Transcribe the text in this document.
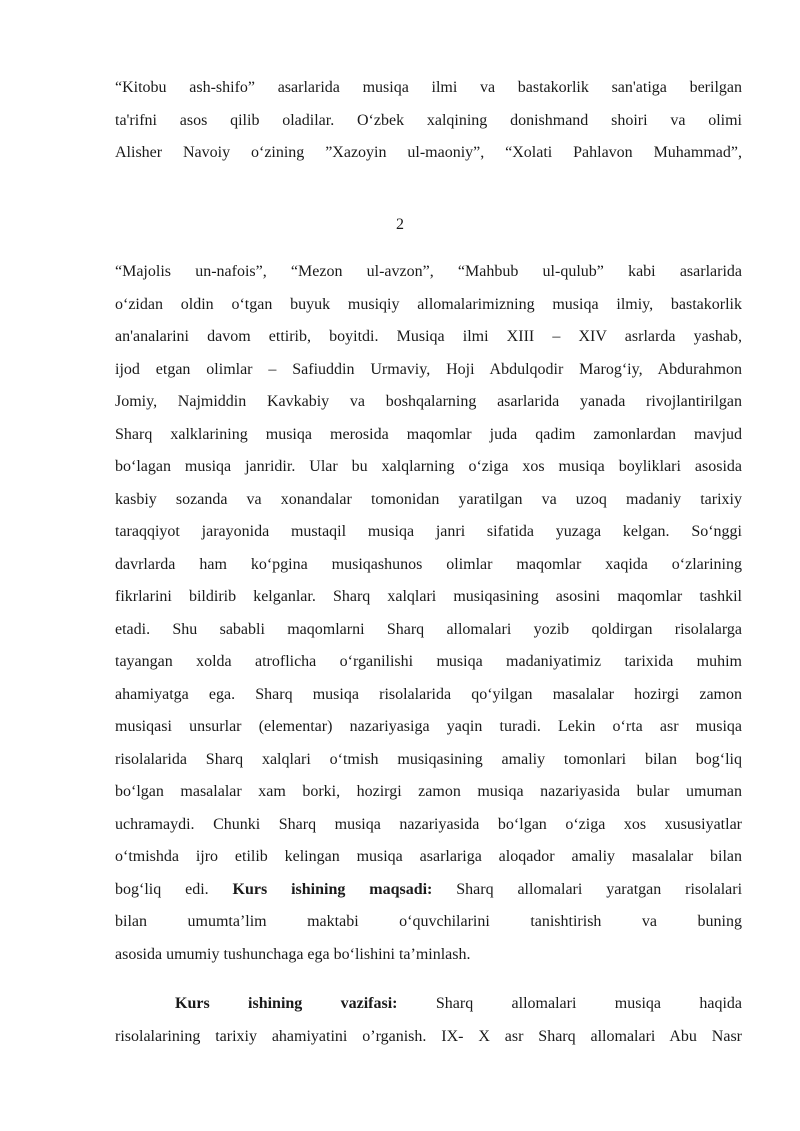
“Kitobu ash-shifo” asarlarida musiqa ilmi va bastakorlik san'atiga berilgan

ta'rifni asos qilib oladilar. O‘zbek xalqining donishmand shoiri va olimi

Alisher Navoiy o‘zining ”Xazoyin ul-maoniy”, “Xolati Pahlavon Muhammad”,

2

“Majolis un-nafois”, “Mezon ul-avzon”, “Mahbub ul-qulub” kabi asarlarida

o‘zidan oldin o‘tgan buyuk musiqiy allomalarimizning musiqa ilmiy, bastakorlik

an'analarini davom ettirib, boyitdi. Musiqa ilmi XIII – XIV asrlarda yashab,

ijod etgan olimlar – Safiuddin Urmaviy, Hoji Abdulqodir Marog‘iy, Abdurahmon

Jomiy, Najmiddin Kavkabiy va boshqalarning asarlarida yanada rivojlantirilgan

Sharq xalklarining musiqa merosida maqomlar juda qadim zamonlardan mavjud

bo‘lagan musiqa janridir. Ular bu xalqlarning o‘ziga xos musiqa boyliklari asosida

kasbiy sozanda va xonandalar tomonidan yaratilgan va uzoq madaniy tarixiy

taraqqiyot jarayonida mustaqil musiqa janri sifatida yuzaga kelgan. So‘nggi

davrlarda ham ko‘pgina musiqashunos olimlar maqomlar xaqida o‘zlarining

fikrlarini bildirib kelganlar. Sharq xalqlari musiqasining asosini maqomlar tashkil

etadi. Shu sababli maqomlarni Sharq allomalari yozib qoldirgan risolalarga

tayangan xolda atroflicha o‘rganilishi musiqa madaniyatimiz tarixida muhim

ahamiyatga ega. Sharq musiqa risolalarida qo‘yilgan masalalar hozirgi zamon

musiqasi unsurlar (elementar) nazariyasiga yaqin turadi. Lekin o‘rta asr musiqa

risolalarida Sharq xalqlari o‘tmish musiqasining amaliy tomonlari bilan bog‘liq

bo‘lgan masalalar xam borki, hozirgi zamon musiqa nazariyasida bular umuman

uchramaydi. Chunki Sharq musiqa nazariyasida bo‘lgan o‘ziga xos xususiyatlar

o‘tmishda ijro etilib kelingan musiqa asarlariga aloqador amaliy masalalar bilan

bog‘liq edi. Kurs ishining maqsadi: Sharq allomalari yaratgan risolalari

bilan umumta’lim maktabi o‘quvchilarini tanishtirish va buning

asosida umumiy tushunchaga ega bo‘lishini ta’minlash.

Kurs ishining vazifasi: Sharq allomalari musiqa haqida

risolalarining tarixiy ahamiyatini o’rganish. IX- X asr Sharq allomalari Abu Nasr
